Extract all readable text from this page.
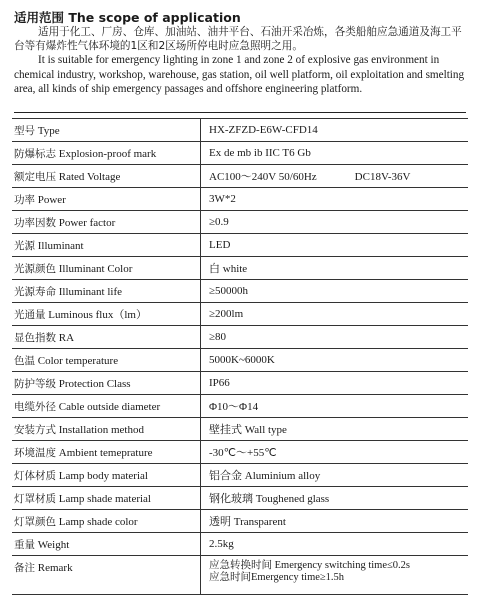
适用范围 The scope of application

适用于化工、厂房、仓库、加油站、油井平台、石油开采冶炼，各类船舶应急通道及海工平台等有爆炸性气体环境的1区和2区场所停电时应急照明之用。

It is suitable for emergency lighting in zone 1 and zone 2 of explosive gas environment in chemical industry, workshop, warehouse, gas station, oil well platform, oil exploitation and smelting area, all kinds of ship emergency passages and offshore engineering platform.

型号 Type	HX-ZFZD-E6W-CFD14
防爆标志 Explosion-proof mark	Ex de mb ib IIC T6 Gb
额定电压 Rated Voltage	AC100～240V 50/60Hz DC18V-36V
功率 Power	3W*2
功率因数 Power factor	≥0.9
光源 Illuminant	LED
光源颜色 Illuminant Color	白 white
光源寿命 Illuminant life	≥50000h
光通量 Luminous flux（lm）	≥200lm
显色指数 RA	≥80
色温 Color temperature	5000K~6000K
防护等级 Protection Class	IP66
电缆外径 Cable outside diameter	Φ10～Φ14
安装方式 Installation method	壁挂式 Wall type
环境温度 Ambient temeprature	-30℃～+55℃
灯体材质 Lamp body material	铝合金 Aluminium alloy
灯罩材质 Lamp shade material	钢化玻璃 Toughened glass
灯罩颜色 Lamp shade color	透明 Transparent
重量 Weight	2.5kg
备注 Remark	应急转换时间 Emergency switching time≤0.2s
应急时间Emergency time≥1.5h
